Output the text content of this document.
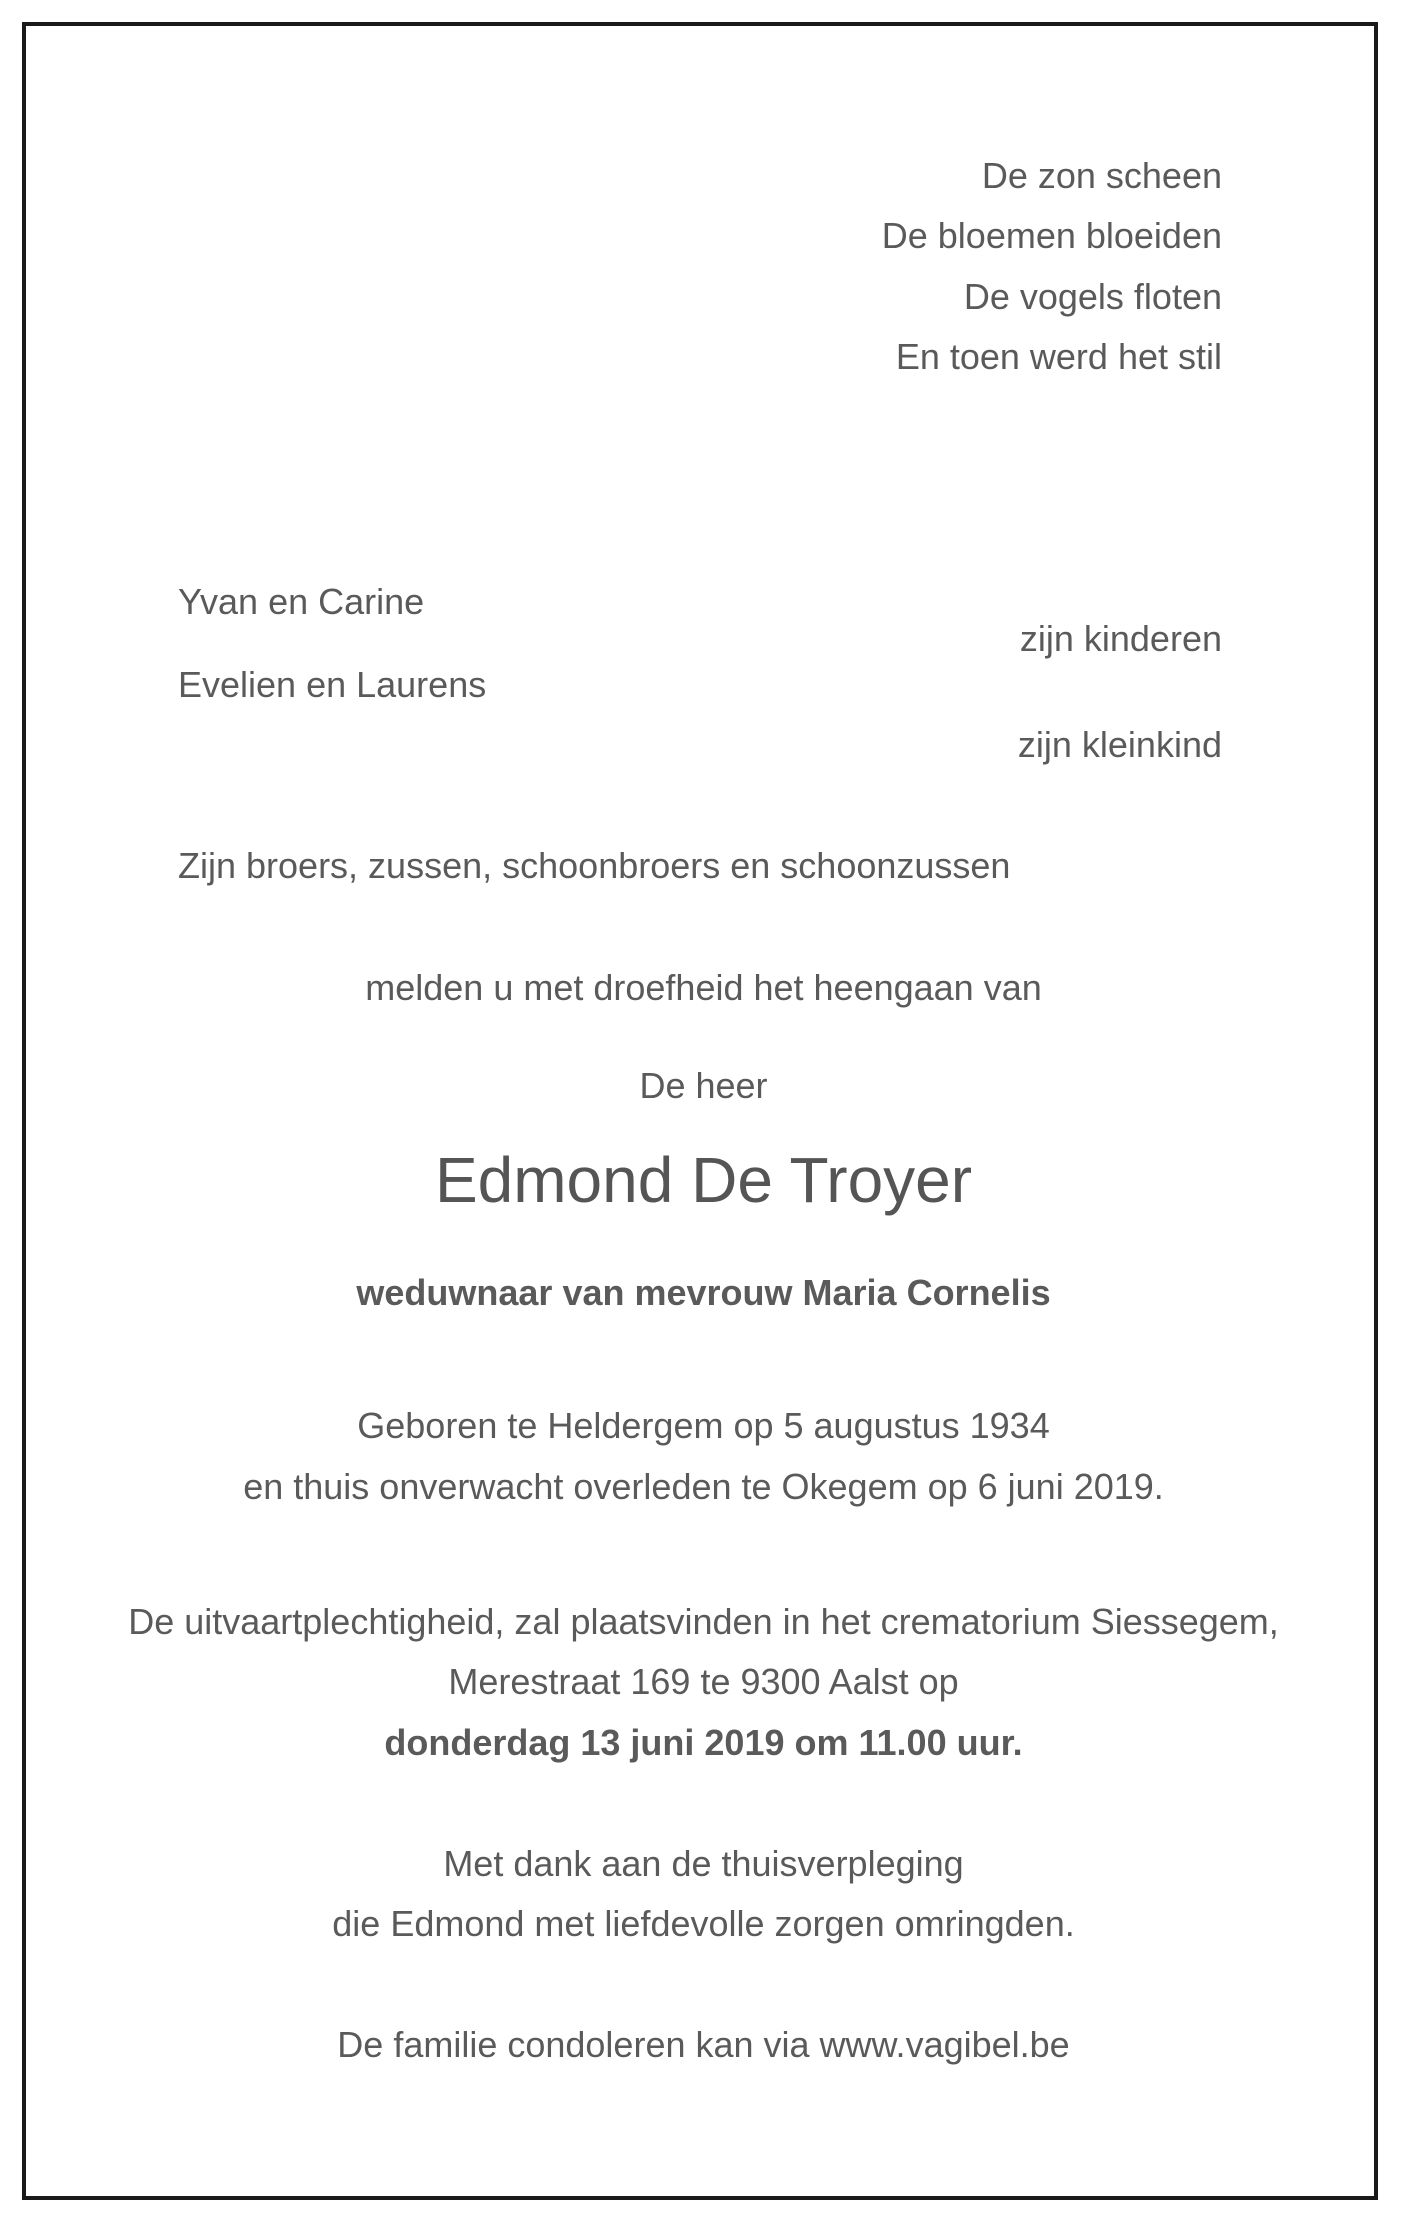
De zon scheen
De bloemen bloeiden
De vogels floten
En toen werd het stil
Yvan en Carine
zijn kinderen
Evelien en Laurens
zijn kleinkind
Zijn broers, zussen, schoonbroers en schoonzussen
melden u met droefheid het heengaan van
De heer
Edmond De Troyer
weduwnaar van mevrouw Maria Cornelis
Geboren te Heldergem op 5 augustus 1934
en thuis onverwacht overleden te Okegem op 6 juni 2019.
De uitvaartplechtigheid, zal plaatsvinden in het crematorium Siessegem,
Merestraat 169 te 9300 Aalst op
donderdag 13 juni 2019 om 11.00 uur.
Met dank aan de thuisverpleging
die Edmond met liefdevolle zorgen omringden.
De familie condoleren kan via www.vagibel.be
